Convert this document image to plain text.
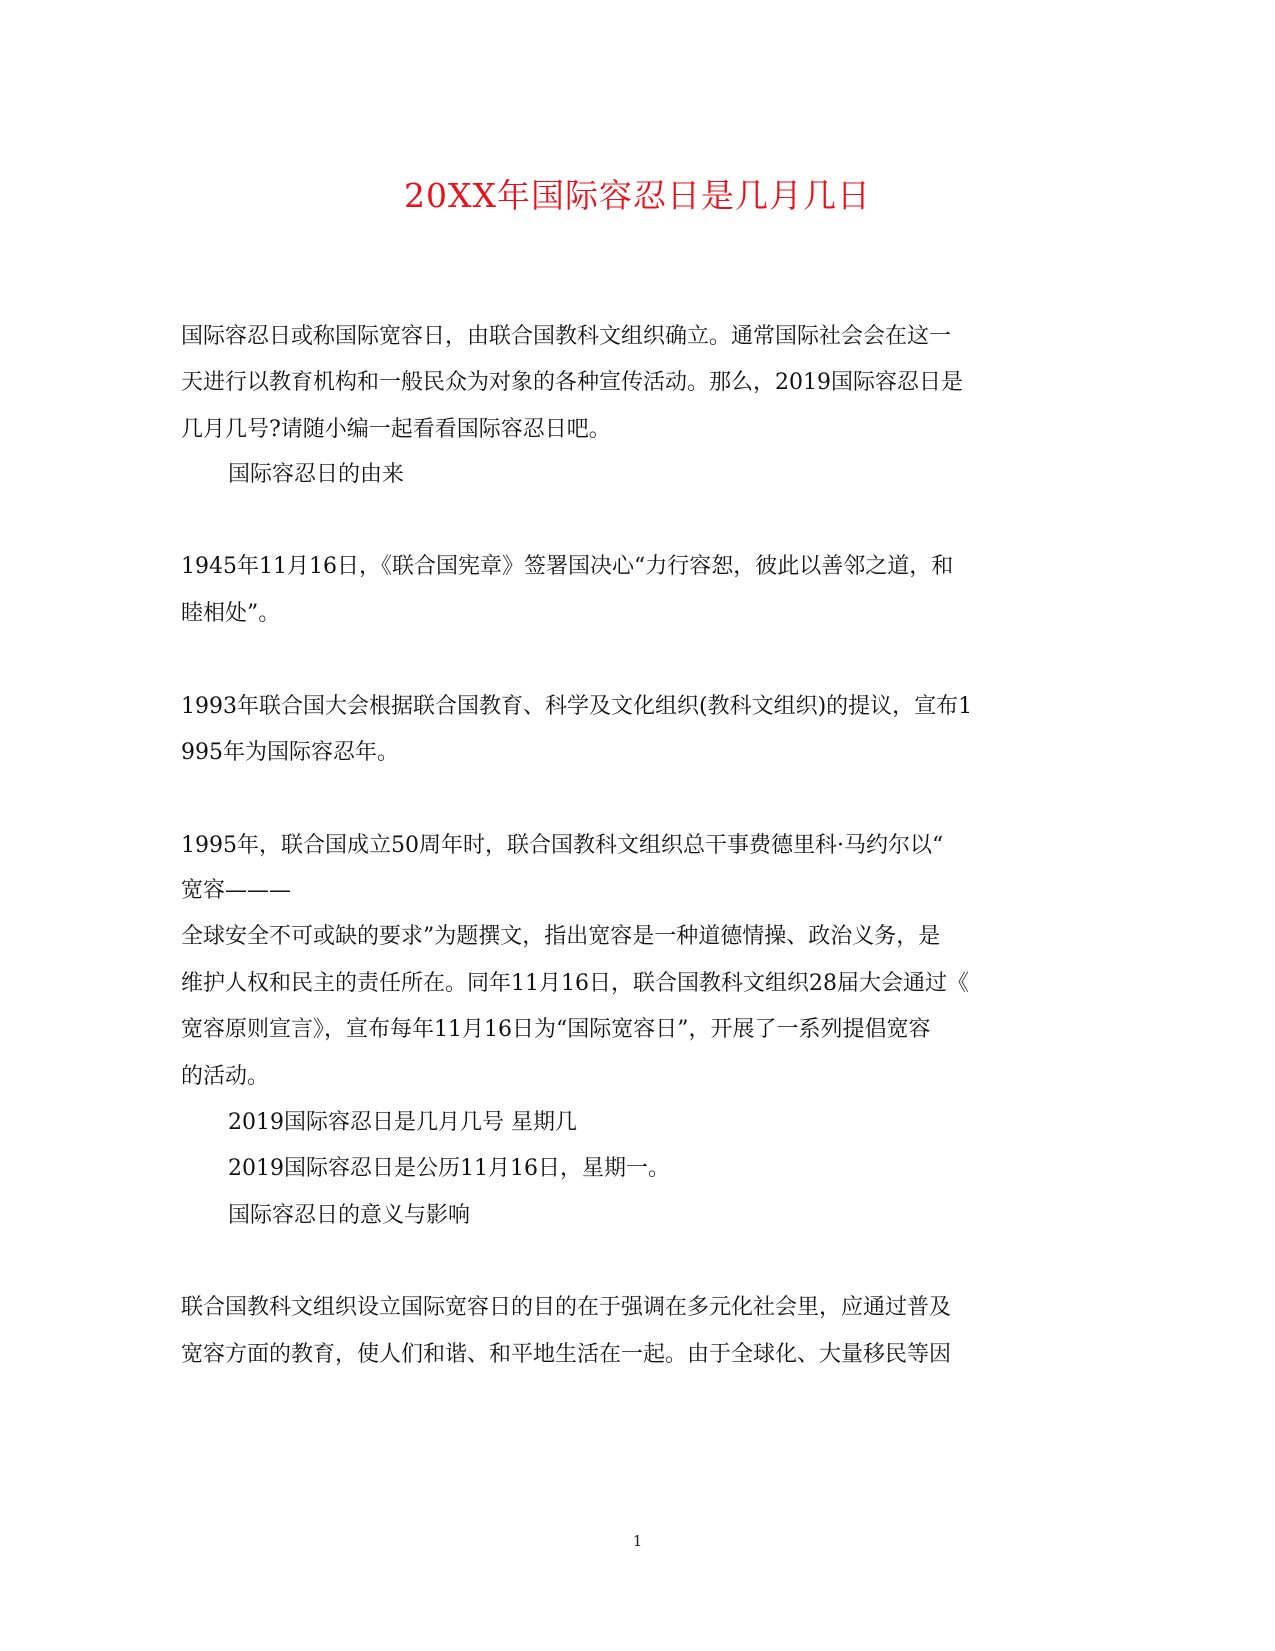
20XX年国际容忍日是几月几日
国际容忍日或称国际宽容日，由联合国教科文组织确立。通常国际社会会在这一
天进行以教育机构和一般民众为对象的各种宣传活动。那么，2019国际容忍日是
几月几号?请随小编一起看看国际容忍日吧。
国际容忍日的由来
1945年11月16日，《联合国宪章》签署国决心“力行容恕，彼此以善邻之道，和
睦相处”。
1993年联合国大会根据联合国教育、科学及文化组织(教科文组织)的提议，宣布1
995年为国际容忍年。
1995年，联合国成立50周年时，联合国教科文组织总干事费德里科·马约尔以“
宽容———
全球安全不可或缺的要求”为题撰文，指出宽容是一种道德情操、政治义务，是
维护人权和民主的责任所在。同年11月16日，联合国教科文组织28届大会通过《
宽容原则宣言》，宣布每年11月16日为“国际宽容日”，开展了一系列提倡宽容
的活动。
2019国际容忍日是几月几号 星期几
2019国际容忍日是公历11月16日，星期一。
国际容忍日的意义与影响
联合国教科文组织设立国际宽容日的目的在于强调在多元化社会里，应通过普及
宽容方面的教育，使人们和谐、和平地生活在一起。由于全球化、大量移民等因
1
